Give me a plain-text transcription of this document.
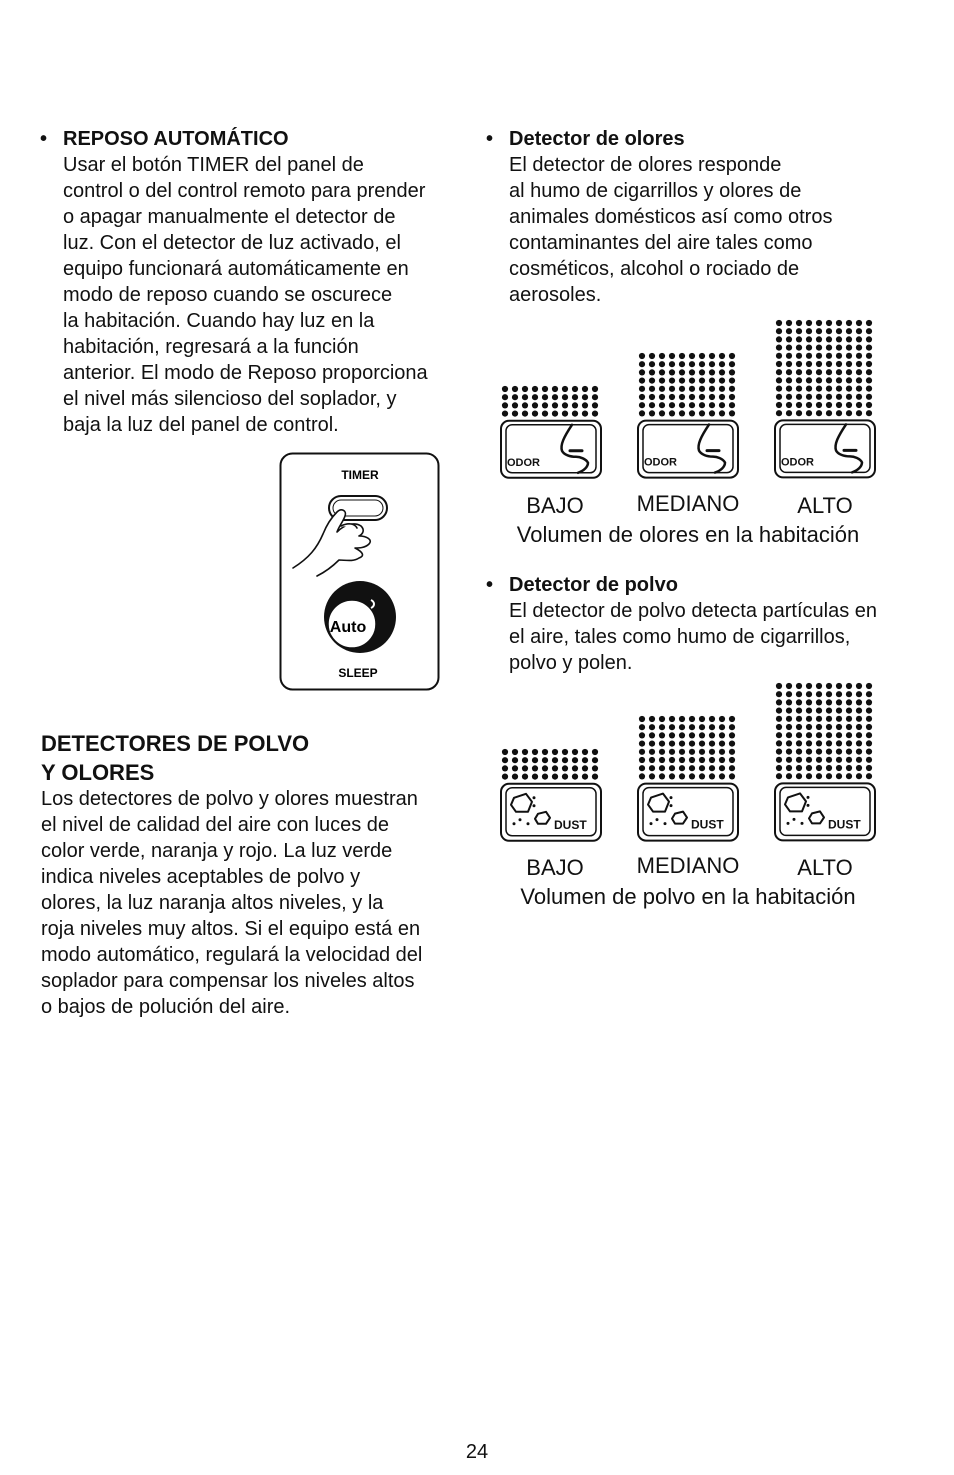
• REPOSO AUTOMÁTICO
Usar el botón TIMER del panel de
control o del control remoto para prender
o apagar manualmente el detector de
luz. Con el detector de luz activado, el
equipo funcionará automáticamente en
modo de reposo cuando se oscurece
la habitación. Cuando hay luz en la
habitación, regresará a la función
anterior. El modo de Reposo proporciona
el nivel más silencioso del soplador, y
baja la luz del panel de control.
TIMER
Auto
SLEEP
DETECTORES DE POLVO
Y OLORES
Los detectores de polvo y olores muestran
el nivel de calidad del aire con luces de
color verde, naranja y rojo. La luz verde
indica niveles aceptables de polvo y
olores, la luz naranja altos niveles, y la
roja niveles muy altos. Si el equipo está en
modo automático, regulará la velocidad del
soplador para compensar los niveles altos
o bajos de polución del aire.
• Detector de olores
El detector de olores responde
al humo de cigarrillos y olores de
animales domésticos así como otros
contaminantes del aire tales como
cosméticos, alcohol o rociado de
aerosoles.
ODOR	ODOR	ODOR
BAJO	MEDIANO	ALTO
Volumen de olores en la habitación
• Detector de polvo
El detector de polvo detecta partículas en
el aire, tales como humo de cigarrillos,
polvo y polen.
DUST	DUST	DUST
BAJO	MEDIANO	ALTO
Volumen de polvo en la habitación
24
